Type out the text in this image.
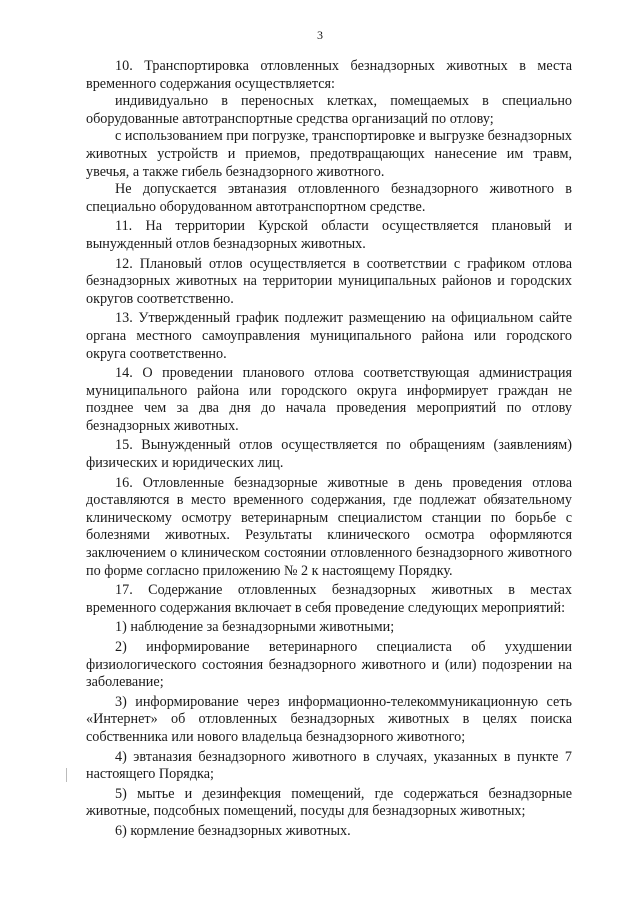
3

10. Транспортировка отловленных безнадзорных животных в места временного содержания осуществляется:

индивидуально в переносных клетках, помещаемых в специально оборудованные автотранспортные средства организаций по отлову;

с использованием при погрузке, транспортировке и выгрузке безнадзорных животных устройств и приемов, предотвращающих нанесение им травм, увечья, а также гибель безнадзорного животного.

Не допускается эвтаназия отловленного безнадзорного животного в специально оборудованном автотранспортном средстве.

11. На территории Курской области осуществляется плановый и вынужденный отлов безнадзорных животных.

12. Плановый отлов осуществляется в соответствии с графиком отлова безнадзорных животных на территории муниципальных районов и городских округов соответственно.

13. Утвержденный график подлежит размещению на официальном сайте органа местного самоуправления муниципального района или городского округа соответственно.

14. О проведении планового отлова соответствующая администрация муниципального района или городского округа информирует граждан не позднее чем за два дня до начала проведения мероприятий по отлову безнадзорных животных.

15. Вынужденный отлов осуществляется по обращениям (заявлениям) физических и юридических лиц.

16. Отловленные безнадзорные животные в день проведения отлова доставляются в место временного содержания, где подлежат обязательному клиническому осмотру ветеринарным специалистом станции по борьбе с болезнями животных. Результаты клинического осмотра оформляются заключением о клиническом состоянии отловленного безнадзорного животного по форме согласно приложению № 2 к настоящему Порядку.

17. Содержание отловленных безнадзорных животных в местах временного содержания включает в себя проведение следующих мероприятий:

1) наблюдение за безнадзорными животными;

2) информирование ветеринарного специалиста об ухудшении физиологического состояния безнадзорного животного и (или) подозрении на заболевание;

3) информирование через информационно-телекоммуникационную сеть «Интернет» об отловленных безнадзорных животных в целях поиска собственника или нового владельца безнадзорного животного;

4) эвтаназия безнадзорного животного в случаях, указанных в пункте 7 настоящего Порядка;

5) мытье и дезинфекция помещений, где содержаться безнадзорные животные, подсобных помещений, посуды для безнадзорных животных;

6) кормление безнадзорных животных.
